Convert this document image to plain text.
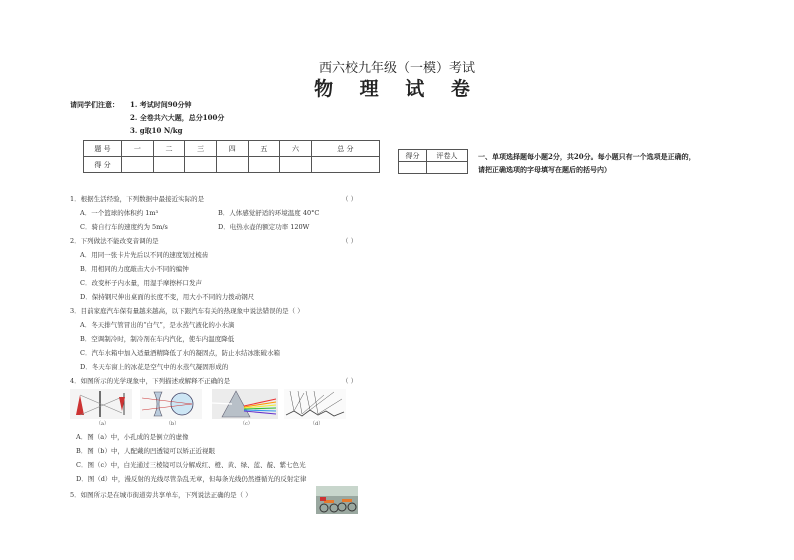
西六校九年级（一模）考试
物 理 试 卷
请同学们注意： 1. 考试时间90分钟
2. 全卷共六大题，总分100分
3. g取10 N/kg
题 号	一	二	三	四	五	六	总 分
得 分							
得分	评卷人
		一、单项选择题每小题2分，共20分。每小题只有一个选项是正确的，
请把正确选项的字母填写在题后的括号内）
1．根据生活经验，下列数据中最接近实际的是	（ ）
A．一个篮球的体积约 1m³	B．人体感觉舒适的环境温度 40°C
C．骑自行车的速度约为 5m/s	D．电热水壶的额定功率 120W
2．下列做法不能改变音调的是	（ ）
A．用同一张卡片先后以不同的速度划过梳齿
B．用相同的力度敲击大小不同的编钟
C．改变杯子内水量，用湿手摩擦杯口发声
D．保持钢尺伸出桌面的长度不变，用大小不同的力拨动钢尺
3．目前家庭汽车保有量越来越高，以下跟汽车有关的热现象中说法错误的是（ ）
A．冬天排气管冒出的“白气”，是水蒸气液化的小水滴
B．空调制冷时，制冷剂在车内汽化，使车内温度降低
C．汽车水箱中加入适量酒精降低了水的凝固点，防止水结冰胀破水箱
D．冬天车窗上的冰花是空气中的水蒸气凝固形成的
4．如图所示的光学现象中，下列描述或解释不正确的是	（ ）
（a）	（b）	（c）	（d）
A．图（a）中，小孔成的是倒立的虚像
B．图（b）中，人配戴的凹透镜可以矫正近视眼
C．图（c）中，白光通过三棱镜可以分解成红、橙、黄、绿、蓝、靛、紫七色光
D．图（d）中，漫反射的光线尽管杂乱无章，但每条光线仍然遵循光的反射定律
5．如图所示是在城市街道旁共享单车，下列说法正确的是（ ）
